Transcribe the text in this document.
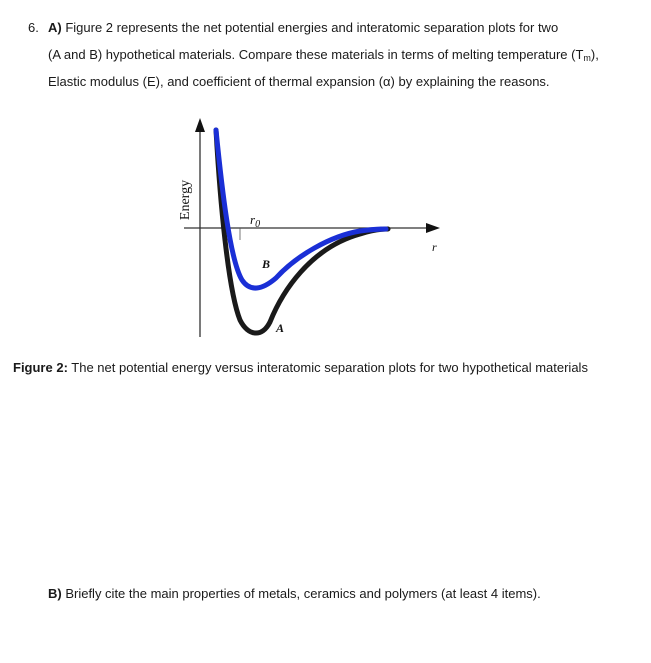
6. A) Figure 2 represents the net potential energies and interatomic separation plots for two
(A and B) hypothetical materials. Compare these materials in terms of melting temperature $(T_m)$,
Elastic modulus (E), and coefficient of thermal expansion (α) by explaining the reasons.
Energy
r
$r_0$
B
A
Figure 2: The net potential energy versus interatomic separation plots for two hypothetical materials
B) Briefly cite the main properties of metals, ceramics and polymers (at least 4 items).
